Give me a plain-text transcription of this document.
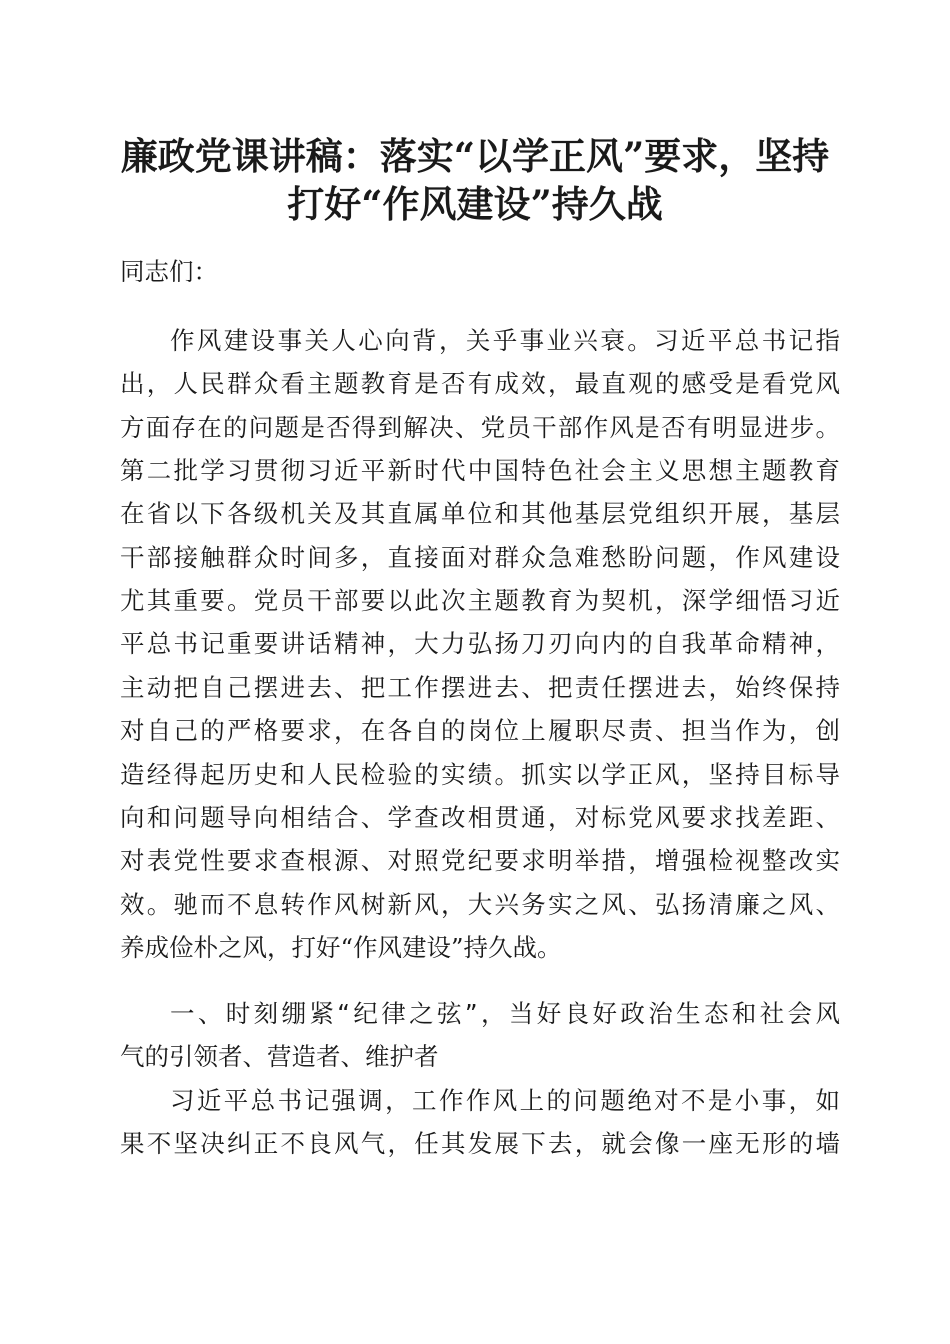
廉政党课讲稿：落实“以学正风”要求，坚持
打好“作风建设”持久战
同志们：
作风建设事关人心向背，关乎事业兴衰。习近平总书记指
出，人民群众看主题教育是否有成效，最直观的感受是看党风
方面存在的问题是否得到解决、党员干部作风是否有明显进步。
第二批学习贯彻习近平新时代中国特色社会主义思想主题教育
在省以下各级机关及其直属单位和其他基层党组织开展，基层
干部接触群众时间多，直接面对群众急难愁盼问题，作风建设
尤其重要。党员干部要以此次主题教育为契机，深学细悟习近
平总书记重要讲话精神，大力弘扬刀刃向内的自我革命精神，
主动把自己摆进去、把工作摆进去、把责任摆进去，始终保持
对自己的严格要求，在各自的岗位上履职尽责、担当作为，创
造经得起历史和人民检验的实绩。抓实以学正风，坚持目标导
向和问题导向相结合、学查改相贯通，对标党风要求找差距、
对表党性要求查根源、对照党纪要求明举措，增强检视整改实
效。驰而不息转作风树新风，大兴务实之风、弘扬清廉之风、
养成俭朴之风，打好“作风建设”持久战。
一、时刻绷紧“纪律之弦”，当好良好政治生态和社会风
气的引领者、营造者、维护者
习近平总书记强调，工作作风上的问题绝对不是小事，如
果不坚决纠正不良风气，任其发展下去，就会像一座无形的墙
